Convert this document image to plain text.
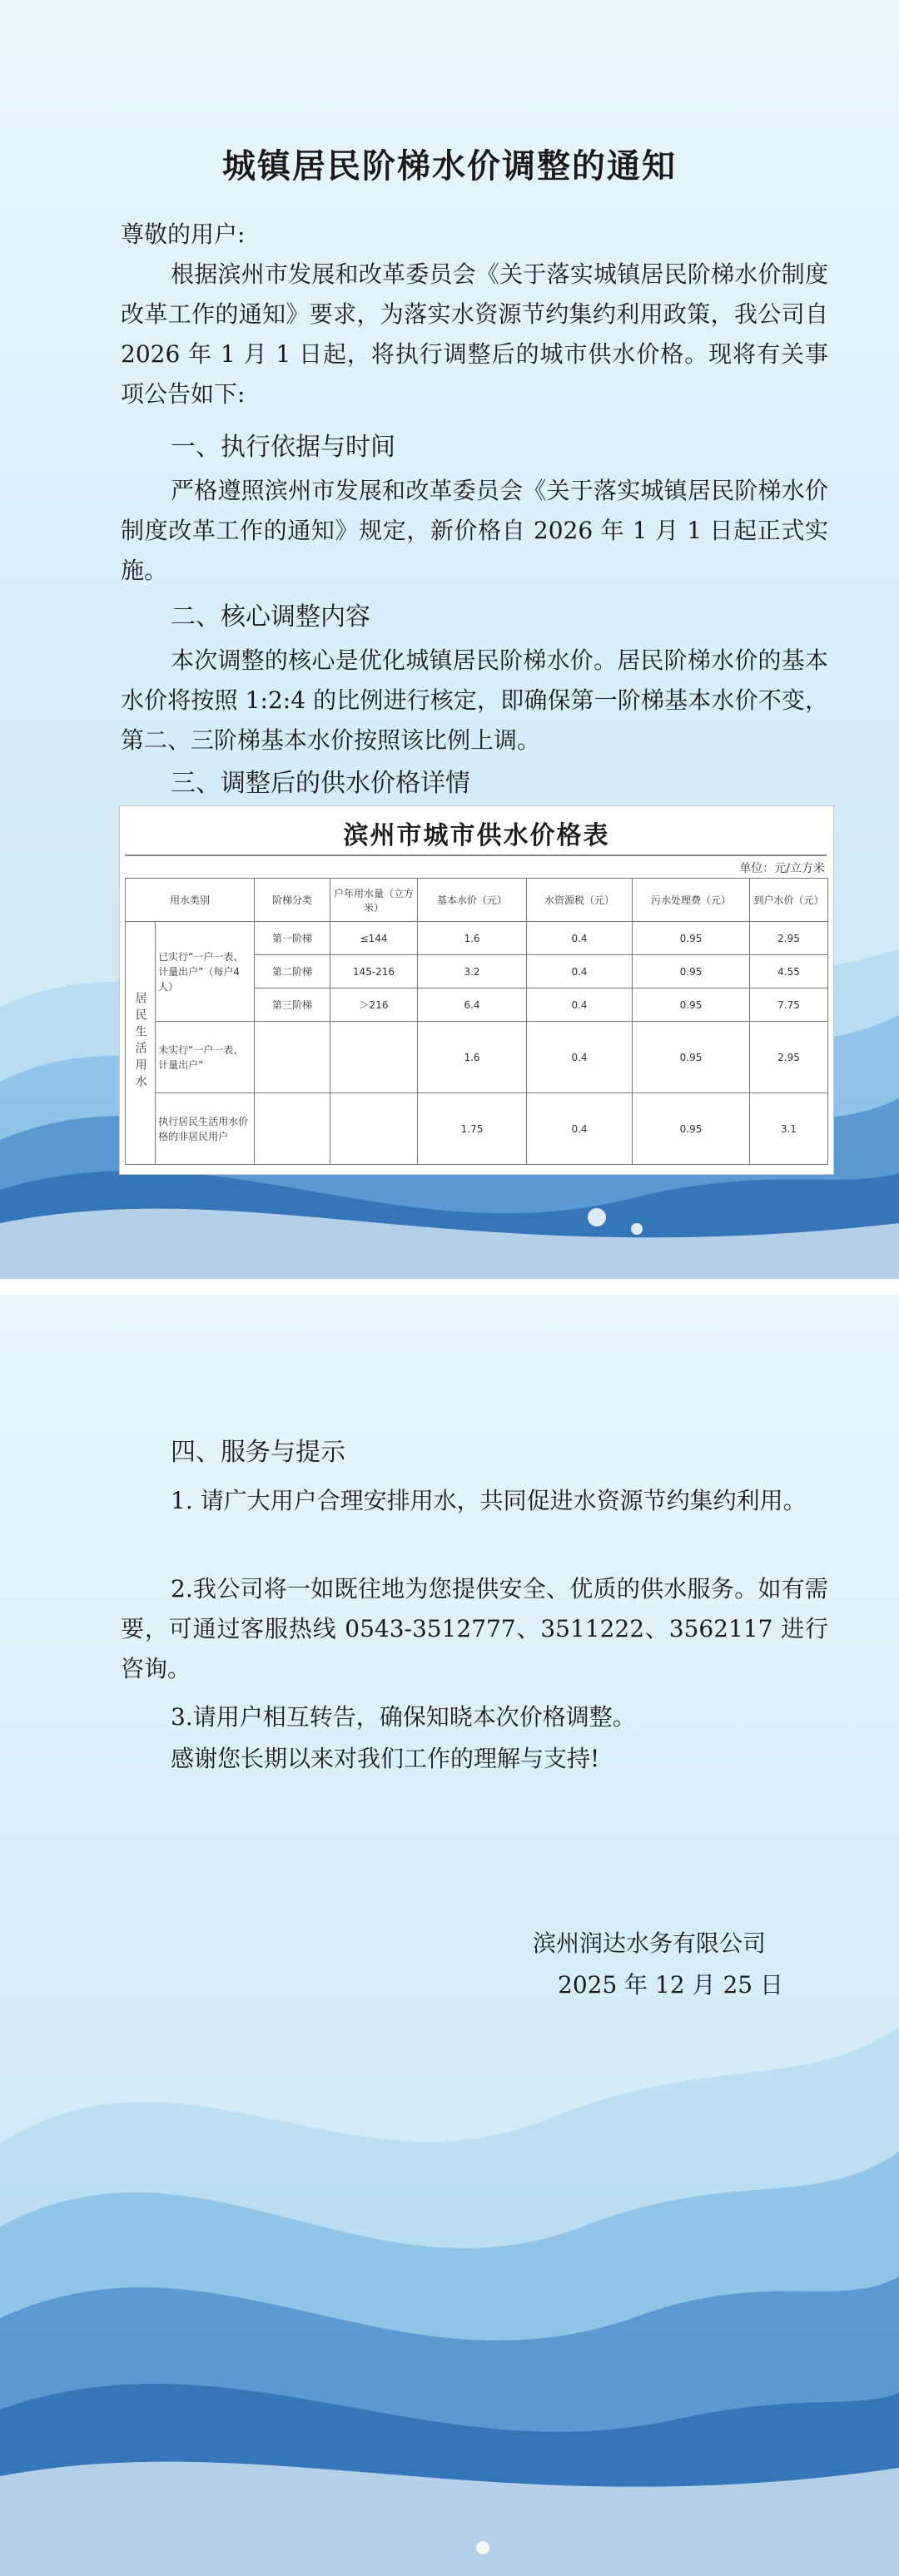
城镇居民阶梯水价调整的通知
尊敬的用户:
根据滨州市发展和改革委员会《关于落实城镇居民阶梯水价制度改革工作的通知》要求，为落实水资源节约集约利用政策，我公司自 2026 年 1 月 1 日起，将执行调整后的城市供水价格。现将有关事项公告如下:
一、执行依据与时间
严格遵照滨州市发展和改革委员会《关于落实城镇居民阶梯水价制度改革工作的通知》规定，新价格自 2026 年 1 月 1 日起正式实施。
二、核心调整内容
本次调整的核心是优化城镇居民阶梯水价。居民阶梯水价的基本水价将按照 1:2:4 的比例进行核定，即确保第一阶梯基本水价不变，第二、三阶梯基本水价按照该比例上调。
三、调整后的供水价格详情
滨州市城市供水价格表
单位：元/立方米
用水类别		阶梯分类	户年用水量（立方米）	基本水价（元）	水资源税（元）	污水处理费（元）	到户水价（元）
居民生活用水	已实行“一户一表、计量出户”（每户4人）	第一阶梯	≤144	1.6	0.4	0.95	2.95
		第二阶梯	145-216	3.2	0.4	0.95	4.55
		第三阶梯	＞216	6.4	0.4	0.95	7.75
	未实行“一户一表、计量出户”			1.6	0.4	0.95	2.95
	执行居民生活用水价格的非居民用户			1.75	0.4	0.95	3.1
四、服务与提示
1. 请广大用户合理安排用水，共同促进水资源节约集约利用。
2.我公司将一如既往地为您提供安全、优质的供水服务。如有需要，可通过客服热线 0543-3512777、3511222、3562117 进行咨询。
3.请用户相互转告，确保知晓本次价格调整。
感谢您长期以来对我们工作的理解与支持!
滨州润达水务有限公司
2025 年 12 月 25 日
